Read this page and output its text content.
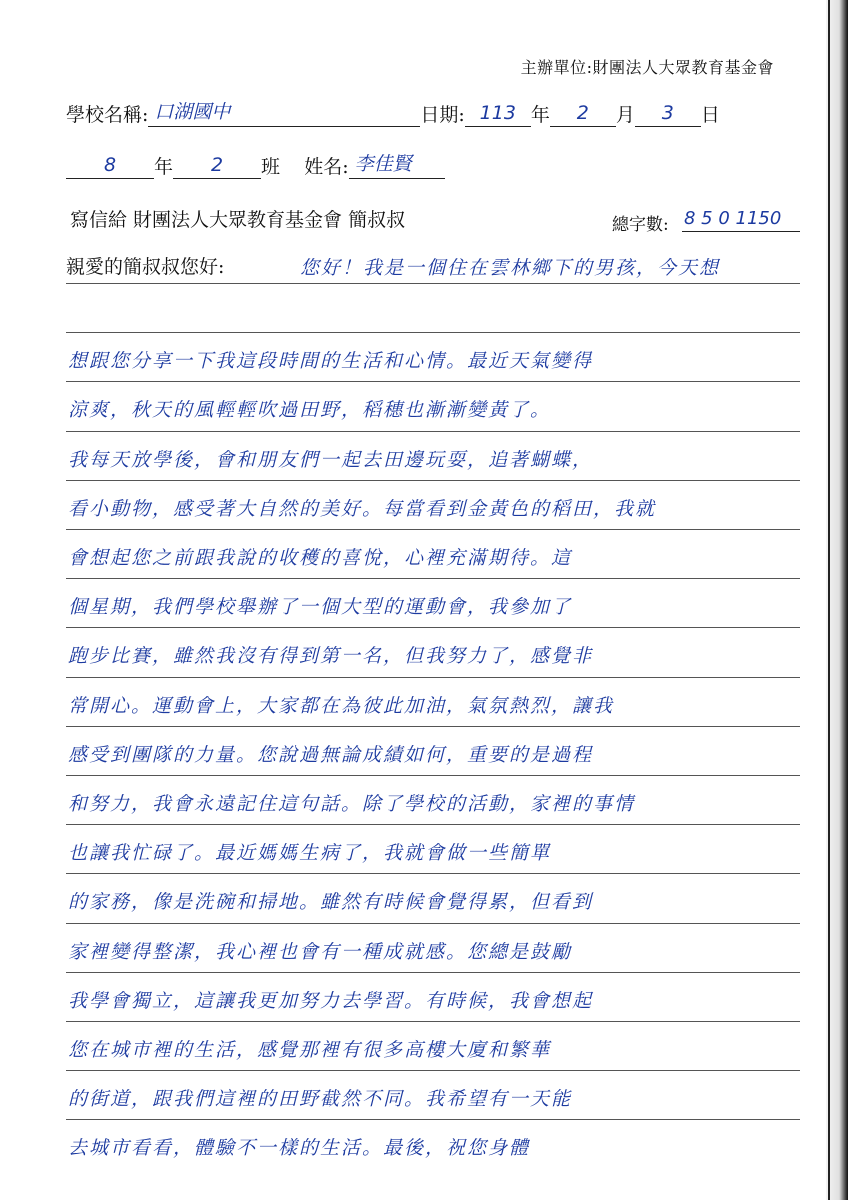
主辦單位:財團法人大眾教育基金會
學校名稱: 口湖國中	日期: 113 年	2	月	3	日
8	年	2	班 姓名: 李佳賢
寫信給 財團法人大眾教育基金會 簡叔叔	總字數: 8 5 0 1150
親愛的簡叔叔您好:	您好！我是一個住在雲林鄉下的男孩，今天想
想跟您分享一下我這段時間的生活和心情。最近天氣變得
涼爽，秋天的風輕輕吹過田野，稻穗也漸漸變黃了。
我每天放學後，會和朋友們一起去田邊玩耍，追著蝴蝶，
看小動物，感受著大自然的美好。每當看到金黃色的稻田，我就
會想起您之前跟我說的收穫的喜悅，心裡充滿期待。這
個星期，我們學校舉辦了一個大型的運動會，我參加了
跑步比賽，雖然我沒有得到第一名，但我努力了，感覺非
常開心。運動會上，大家都在為彼此加油，氣氛熱烈，讓我
感受到團隊的力量。您說過無論成績如何，重要的是過程
和努力，我會永遠記住這句話。除了學校的活動，家裡的事情
也讓我忙碌了。最近媽媽生病了，我就會做一些簡單
的家務，像是洗碗和掃地。雖然有時候會覺得累，但看到
家裡變得整潔，我心裡也會有一種成就感。您總是鼓勵
我學會獨立，這讓我更加努力去學習。有時候，我會想起
您在城市裡的生活，感覺那裡有很多高樓大廈和繁華
的街道，跟我們這裡的田野截然不同。我希望有一天能
去城市看看，體驗不一樣的生活。最後，祝您身體
